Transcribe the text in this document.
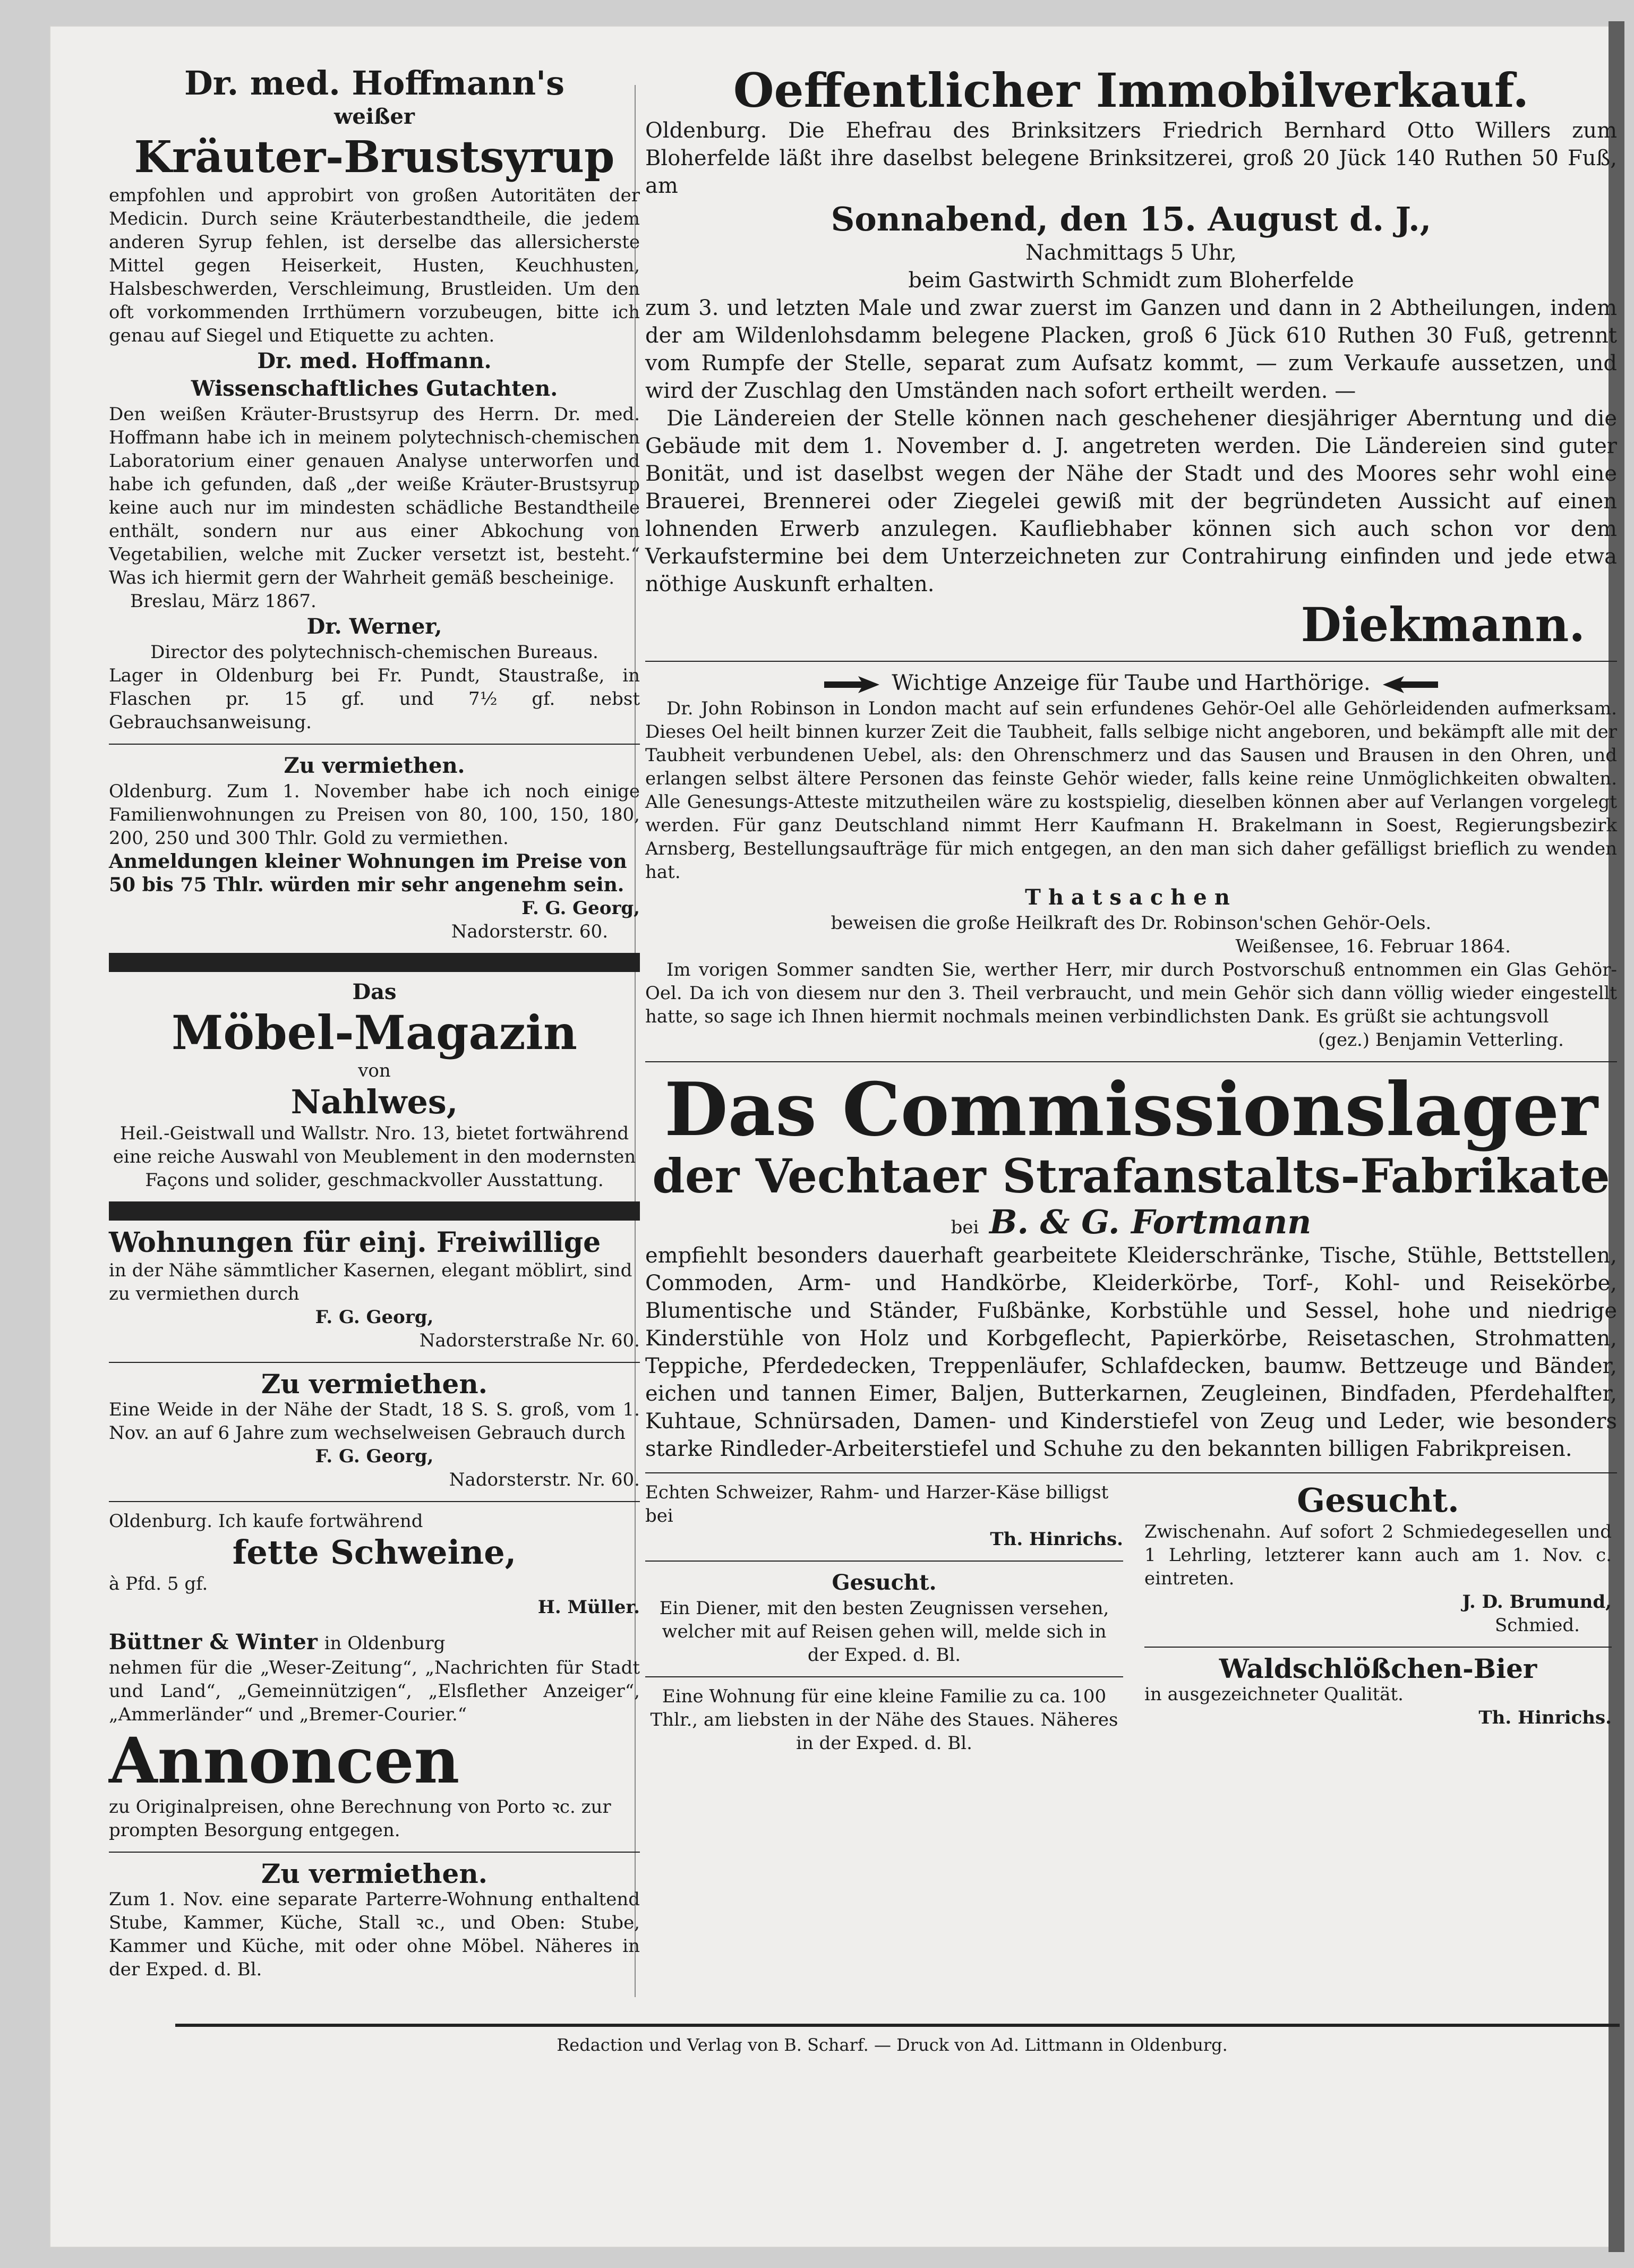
Dr. med. Hoffmann's

weißer

Kräuter-Brustsyrup

empfohlen und approbirt von großen Autoritäten der Medicin. Durch seine Kräuterbestandtheile, die jedem anderen Syrup fehlen, ist derselbe das allersicherste Mittel gegen Heiserkeit, Husten, Keuchhusten, Halsbeschwerden, Verschleimung, Brustleiden. Um den oft vorkommenden Irrthümern vorzubeugen, bitte ich genau auf Siegel und Etiquette zu achten.

Dr. med. Hoffmann.

Wissenschaftliches Gutachten.

Den weißen Kräuter-Brustsyrup des Herrn. Dr. med. Hoffmann habe ich in meinem polytechnisch-chemischen Laboratorium einer genauen Analyse unterworfen und habe ich gefunden, daß „der weiße Kräuter-Brustsyrup keine auch nur im mindesten schädliche Bestandtheile enthält, sondern nur aus einer Abkochung von Vegetabilien, welche mit Zucker versetzt ist, besteht.“ Was ich hiermit gern der Wahrheit gemäß bescheinige.

Breslau, März 1867.

Dr. Werner,

Director des polytechnisch-chemischen Bureaus.

Lager in Oldenburg bei Fr. Pundt, Staustraße, in Flaschen pr. 15 gf. und 7½ gf. nebst Gebrauchsanweisung.

Zu vermiethen.

Oldenburg. Zum 1. November habe ich noch einige Familienwohnungen zu Preisen von 80, 100, 150, 180, 200, 250 und 300 Thlr. Gold zu vermiethen.

Anmeldungen kleiner Wohnungen im Preise von 50 bis 75 Thlr. würden mir sehr angenehm sein.

F. G. Georg,

Nadorsterstr. 60.

Das

Möbel-Magazin

von

Nahlwes,

Heil.-Geistwall und Wallstr. Nro. 13, bietet fortwährend eine reiche Auswahl von Meublement in den modernsten Façons und solider, geschmackvoller Ausstattung.

Wohnungen für einj. Freiwillige

in der Nähe sämmtlicher Kasernen, elegant möblirt, sind zu vermiethen durch

F. G. Georg,

Nadorsterstraße Nr. 60.

Zu vermiethen.

Eine Weide in der Nähe der Stadt, 18 S. S. groß, vom 1. Nov. an auf 6 Jahre zum wechselweisen Gebrauch durch

F. G. Georg,

Nadorsterstr. Nr. 60.

Oldenburg. Ich kaufe fortwährend

fette Schweine,

à Pfd. 5 gf.

H. Müller.

Büttner & Winter in Oldenburg

nehmen für die „Weser-Zeitung“, „Nachrichten für Stadt und Land“, „Gemeinnützigen“, „Elsflether Anzeiger“, „Ammerländer“ und „Bremer-Courier.“

Annoncen

zu Originalpreisen, ohne Berechnung von Porto ꝛc. zur prompten Besorgung entgegen.

Zu vermiethen.

Zum 1. Nov. eine separate Parterre-Wohnung enthaltend Stube, Kammer, Küche, Stall ꝛc., und Oben: Stube, Kammer und Küche, mit oder ohne Möbel. Näheres in der Exped. d. Bl.

Oeffentlicher Immobilverkauf.

Oldenburg. Die Ehefrau des Brinksitzers Friedrich Bernhard Otto Willers zum Bloherfelde läßt ihre daselbst belegene Brinksitzerei, groß 20 Jück 140 Ruthen 50 Fuß, am

Sonnabend, den 15. August d. J.,

Nachmittags 5 Uhr,

beim Gastwirth Schmidt zum Bloherfelde

zum 3. und letzten Male und zwar zuerst im Ganzen und dann in 2 Abtheilungen, indem der am Wildenlohsdamm belegene Placken, groß 6 Jück 610 Ruthen 30 Fuß, getrennt vom Rumpfe der Stelle, separat zum Aufsatz kommt, — zum Verkaufe aussetzen, und wird der Zuschlag den Umständen nach sofort ertheilt werden. —

Die Ländereien der Stelle können nach geschehener diesjähriger Aberntung und die Gebäude mit dem 1. November d. J. angetreten werden. Die Ländereien sind guter Bonität, und ist daselbst wegen der Nähe der Stadt und des Moores sehr wohl eine Brauerei, Brennerei oder Ziegelei gewiß mit der begründeten Aussicht auf einen lohnenden Erwerb anzulegen. Kaufliebhaber können sich auch schon vor dem Verkaufstermine bei dem Unterzeichneten zur Contrahirung einfinden und jede etwa nöthige Auskunft erhalten.

Diekmann.

Wichtige Anzeige für Taube und Harthörige.

Dr. John Robinson in London macht auf sein erfundenes Gehör-Oel alle Gehörleidenden aufmerksam. Dieses Oel heilt binnen kurzer Zeit die Taubheit, falls selbige nicht angeboren, und bekämpft alle mit der Taubheit verbundenen Uebel, als: den Ohrenschmerz und das Sausen und Brausen in den Ohren, und erlangen selbst ältere Personen das feinste Gehör wieder, falls keine reine Unmöglichkeiten obwalten. Alle Genesungs-Atteste mitzutheilen wäre zu kostspielig, dieselben können aber auf Verlangen vorgelegt werden. Für ganz Deutschland nimmt Herr Kaufmann H. Brakelmann in Soest, Regierungsbezirk Arnsberg, Bestellungsaufträge für mich entgegen, an den man sich daher gefälligst brieflich zu wenden hat.

Thatsachen

beweisen die große Heilkraft des Dr. Robinson'schen Gehör-Oels.

Weißensee, 16. Februar 1864.

Im vorigen Sommer sandten Sie, werther Herr, mir durch Postvorschuß entnommen ein Glas Gehör-Oel. Da ich von diesem nur den 3. Theil verbraucht, und mein Gehör sich dann völlig wieder eingestellt hatte, so sage ich Ihnen hiermit nochmals meinen verbindlichsten Dank. Es grüßt sie achtungsvoll

(gez.) Benjamin Vetterling.

Das Commissionslager

der Vechtaer Strafanstalts-Fabrikate

bei B. & G. Fortmann

empfiehlt besonders dauerhaft gearbeitete Kleiderschränke, Tische, Stühle, Bettstellen, Commoden, Arm- und Handkörbe, Kleiderkörbe, Torf-, Kohl- und Reisekörbe, Blumentische und Ständer, Fußbänke, Korbstühle und Sessel, hohe und niedrige Kinderstühle von Holz und Korbgeflecht, Papierkörbe, Reisetaschen, Strohmatten, Teppiche, Pferdedecken, Treppenläufer, Schlafdecken, baumw. Bettzeuge und Bänder, eichen und tannen Eimer, Baljen, Butterkarnen, Zeugleinen, Bindfaden, Pferdehalfter, Kuhtaue, Schnürsaden, Damen- und Kinderstiefel von Zeug und Leder, wie besonders starke Rindleder-Arbeiterstiefel und Schuhe zu den bekannten billigen Fabrikpreisen.

Echten Schweizer, Rahm- und Harzer-Käse billigst bei

Th. Hinrichs.

Gesucht.

Ein Diener, mit den besten Zeugnissen versehen, welcher mit auf Reisen gehen will, melde sich in der Exped. d. Bl.

Eine Wohnung für eine kleine Familie zu ca. 100 Thlr., am liebsten in der Nähe des Staues. Näheres in der Exped. d. Bl.

Gesucht.

Zwischenahn. Auf sofort 2 Schmiedegesellen und 1 Lehrling, letzterer kann auch am 1. Nov. c. eintreten.

J. D. Brumund,

Schmied.

Waldschlößchen-Bier

in ausgezeichneter Qualität.

Th. Hinrichs.

Redaction und Verlag von B. Scharf. — Druck von Ad. Littmann in Oldenburg.
